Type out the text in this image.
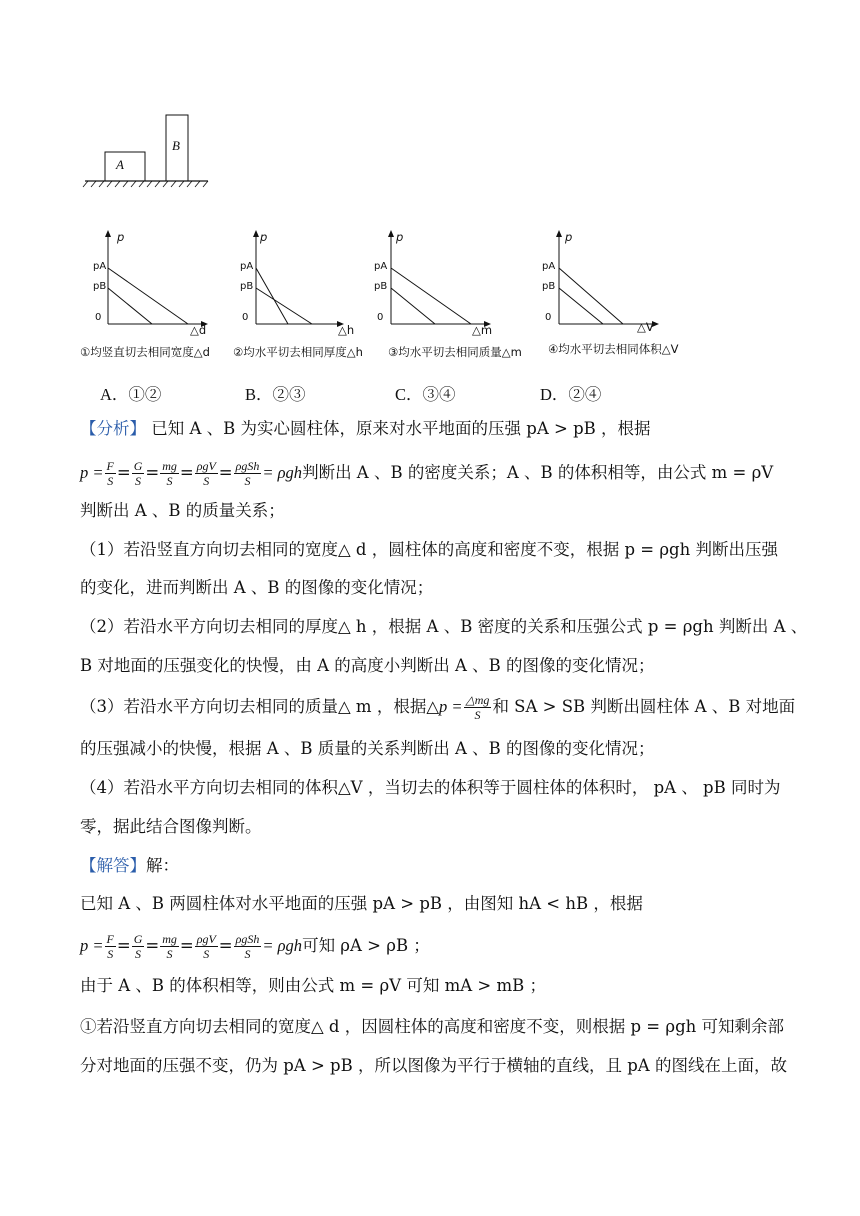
A
B
p
pA
pB
0
△d
①均竖直切去相同宽度△d
p
pA
pB
0
△h
②均水平切去相同厚度△h
p
pA
pB
0
△m
③均水平切去相同质量△m
p
pA
pB
0
△V
④均水平切去相同体积△V
A．①②	B．②③	C．③④	D．②④
【分析】 已知 A 、B 为实心圆柱体，原来对水平地面的压强 pA > pB ，根据
$p = \frac{F}{S} = \frac{G}{S} = \frac{mg}{S} = \frac{\text{ρgV}}{S} = \frac{\text{ρgSh}}{S} = \rho gh$ 判断出 A 、B 的密度关系；A 、B 的体积相等，由公式 m = ρV
判断出 A 、B 的质量关系；
（1）若沿竖直方向切去相同的宽度△ d ，圆柱体的高度和密度不变，根据 p = ρgh 判断出压强
的变化，进而判断出 A 、B 的图像的变化情况；
（2）若沿水平方向切去相同的厚度△ h ，根据 A 、B 密度的关系和压强公式 p = ρgh 判断出 A 、
B 对地面的压强变化的快慢，由 A 的高度小判断出 A 、B 的图像的变化情况；
（3）若沿水平方向切去相同的质量△ m ，根据△ $p = \frac{\triangle mg}{S}$ 和 SA > SB 判断出圆柱体 A 、B 对地面
的压强减小的快慢，根据 A 、B 质量的关系判断出 A 、B 的图像的变化情况；
（4）若沿水平方向切去相同的体积△V ，当切去的体积等于圆柱体的体积时， pA 、 pB 同时为
零，据此结合图像判断。
【解答】解：
已知 A 、B 两圆柱体对水平地面的压强 pA > pB ，由图知 hA < hB ，根据
$p = \frac{F}{S} = \frac{G}{S} = \frac{mg}{S} = \frac{\text{ρgV}}{S} = \frac{\text{ρgSh}}{S} = \rho gh$ 可知 ρA > ρB ；
由于 A 、B 的体积相等，则由公式 m = ρV 可知 mA > mB ；
①若沿竖直方向切去相同的宽度△ d ，因圆柱体的高度和密度不变，则根据 p = ρgh 可知剩余部
分对地面的压强不变，仍为 pA > pB ，所以图像为平行于横轴的直线，且 pA 的图线在上面，故
